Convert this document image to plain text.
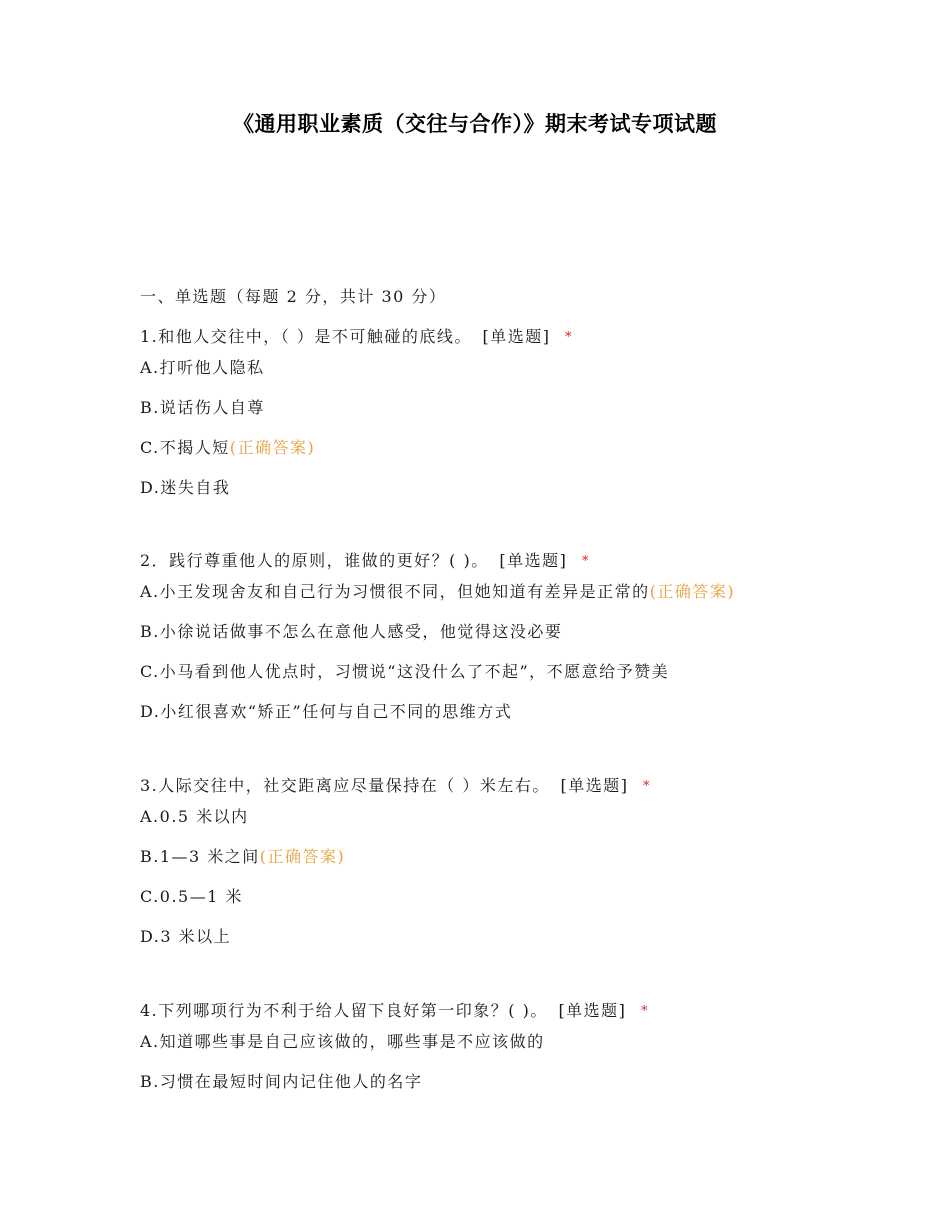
《通用职业素质（交往与合作）》期末考试专项试题
一、单选题（每题 2 分，共计 30 分）
1.和他人交往中，（ ）是不可触碰的底线。 [单选题] *
A.打听他人隐私
B.说话伤人自尊
C.不揭人短(正确答案)
D.迷失自我
2．践行尊重他人的原则，谁做的更好？( )。 [单选题] *
A.小王发现舍友和自己行为习惯很不同，但她知道有差异是正常的(正确答案)
B.小徐说话做事不怎么在意他人感受，他觉得这没必要
C.小马看到他人优点时，习惯说“这没什么了不起”，不愿意给予赞美
D.小红很喜欢“矫正”任何与自己不同的思维方式
3.人际交往中，社交距离应尽量保持在（ ）米左右。 [单选题] *
A.0.5 米以内
B.1—3 米之间(正确答案)
C.0.5—1 米
D.3 米以上
4.下列哪项行为不利于给人留下良好第一印象？( )。 [单选题] *
A.知道哪些事是自己应该做的，哪些事是不应该做的
B.习惯在最短时间内记住他人的名字
